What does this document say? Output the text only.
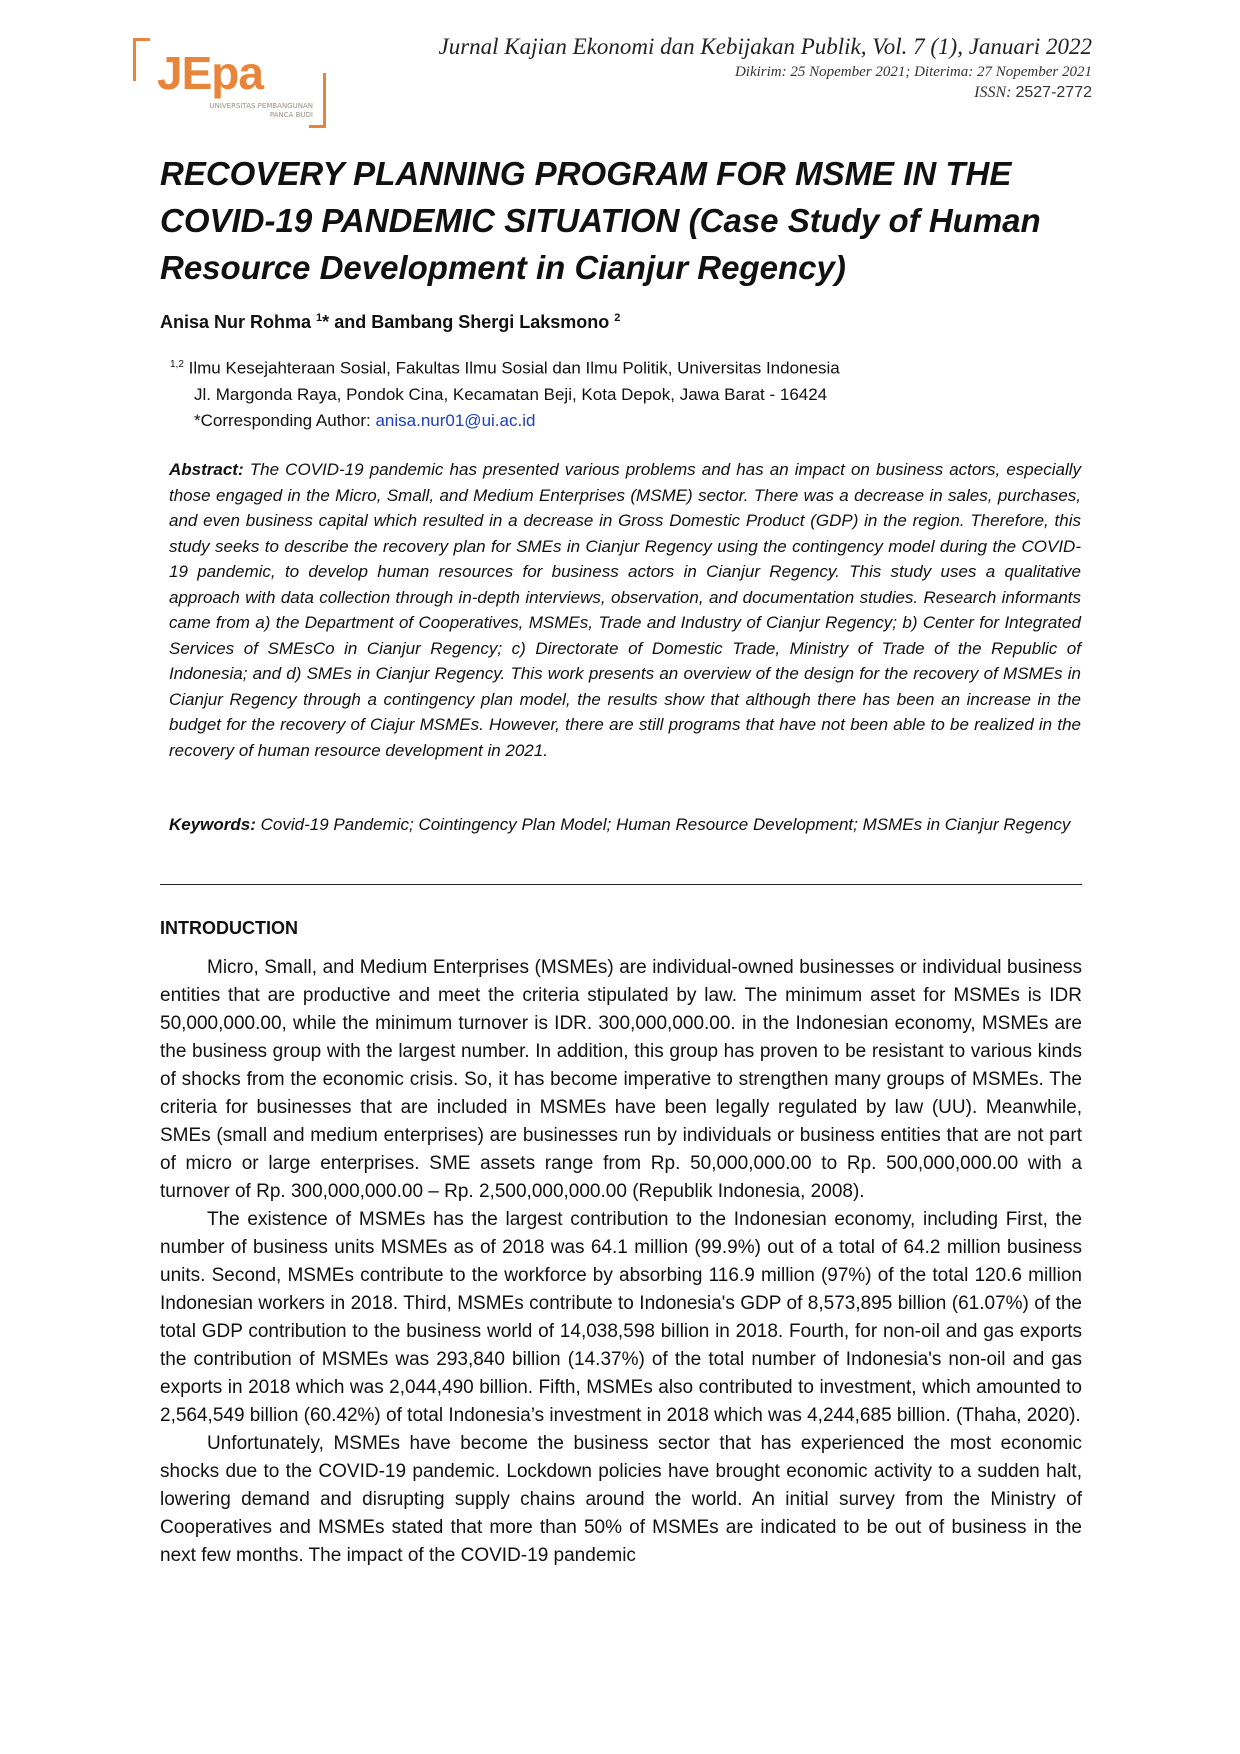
JEpa
UNIVERSITAS PEMBANGUNAN
PANCA BUDI
Jurnal Kajian Ekonomi dan Kebijakan Publik, Vol. 7 (1), Januari 2022
Dikirim: 25 Nopember 2021; Diterima: 27 Nopember 2021
ISSN: 2527-2772
RECOVERY PLANNING PROGRAM FOR MSME IN THE COVID-19 PANDEMIC SITUATION (Case Study of Human Resource Development in Cianjur Regency)
Anisa Nur Rohma $^1$* and Bambang Shergi Laksmono $^2$
$^{1,2}$ Ilmu Kesejahteraan Sosial, Fakultas Ilmu Sosial dan Ilmu Politik, Universitas Indonesia
Jl. Margonda Raya, Pondok Cina, Kecamatan Beji, Kota Depok, Jawa Barat - 16424
*Corresponding Author: anisa.nur01@ui.ac.id
Abstract: The COVID-19 pandemic has presented various problems and has an impact on business actors, especially those engaged in the Micro, Small, and Medium Enterprises (MSME) sector. There was a decrease in sales, purchases, and even business capital which resulted in a decrease in Gross Domestic Product (GDP) in the region. Therefore, this study seeks to describe the recovery plan for SMEs in Cianjur Regency using the contingency model during the COVID-19 pandemic, to develop human resources for business actors in Cianjur Regency. This study uses a qualitative approach with data collection through in-depth interviews, observation, and documentation studies. Research informants came from a) the Department of Cooperatives, MSMEs, Trade and Industry of Cianjur Regency; b) Center for Integrated Services of SMEsCo in Cianjur Regency; c) Directorate of Domestic Trade, Ministry of Trade of the Republic of Indonesia; and d) SMEs in Cianjur Regency. This work presents an overview of the design for the recovery of MSMEs in Cianjur Regency through a contingency plan model, the results show that although there has been an increase in the budget for the recovery of Ciajur MSMEs. However, there are still programs that have not been able to be realized in the recovery of human resource development in 2021.
Keywords: Covid-19 Pandemic; Cointingency Plan Model; Human Resource Development; MSMEs in Cianjur Regency
INTRODUCTION

Micro, Small, and Medium Enterprises (MSMEs) are individual-owned businesses or individual business entities that are productive and meet the criteria stipulated by law. The minimum asset for MSMEs is IDR 50,000,000.00, while the minimum turnover is IDR. 300,000,000.00. in the Indonesian economy, MSMEs are the business group with the largest number. In addition, this group has proven to be resistant to various kinds of shocks from the economic crisis. So, it has become imperative to strengthen many groups of MSMEs. The criteria for businesses that are included in MSMEs have been legally regulated by law (UU). Meanwhile, SMEs (small and medium enterprises) are businesses run by individuals or business entities that are not part of micro or large enterprises. SME assets range from Rp. 50,000,000.00 to Rp. 500,000,000.00 with a turnover of Rp. 300,000,000.00 – Rp. 2,500,000,000.00 (Republik Indonesia, 2008).

The existence of MSMEs has the largest contribution to the Indonesian economy, including First, the number of business units MSMEs as of 2018 was 64.1 million (99.9%) out of a total of 64.2 million business units. Second, MSMEs contribute to the workforce by absorbing 116.9 million (97%) of the total 120.6 million Indonesian workers in 2018. Third, MSMEs contribute to Indonesia's GDP of 8,573,895 billion (61.07%) of the total GDP contribution to the business world of 14,038,598 billion in 2018. Fourth, for non-oil and gas exports the contribution of MSMEs was 293,840 billion (14.37%) of the total number of Indonesia's non-oil and gas exports in 2018 which was 2,044,490 billion. Fifth, MSMEs also contributed to investment, which amounted to 2,564,549 billion (60.42%) of total Indonesia’s investment in 2018 which was 4,244,685 billion. (Thaha, 2020).

Unfortunately, MSMEs have become the business sector that has experienced the most economic shocks due to the COVID-19 pandemic. Lockdown policies have brought economic activity to a sudden halt, lowering demand and disrupting supply chains around the world. An initial survey from the Ministry of Cooperatives and MSMEs stated that more than 50% of MSMEs are indicated to be out of business in the next few months. The impact of the COVID-19 pandemic
